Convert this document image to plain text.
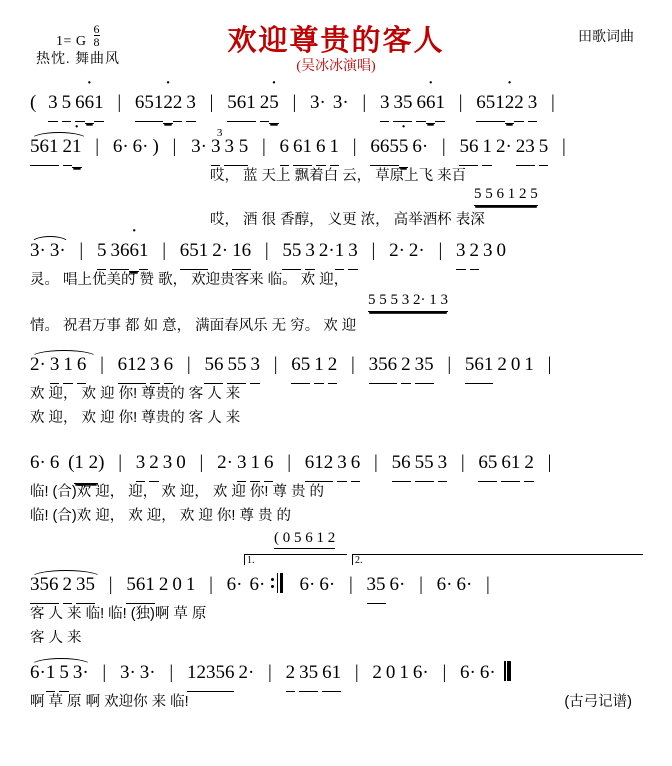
1= G $\frac{6}{8}$
热忱. 舞曲风
欢迎尊贵的客人
(吴冰冰演唱)
田歌词曲
( 3 5 66 ·1 | 6512 ·2 3 | 561 25 · | 3· 3· | 3 35 66 ·1 | 6512 ·2 3 |
561 21 · | 6· 6· ) | 3 3· 3 3 5 | 6 61 6 1 | 6655 · 6· | 56 1 2· 23 5 |
哎， 蓝 天上 飘着白 云， 草原上飞 来百
5 5 6 1 2 5
哎， 酒 很 香醇， 义更 浓， 高举酒杯 表深
3· 3· | 5 366 ·1 | 651 2· 16 | 55 3 2·1 3 | 2· 2· | 3 2 3 0
灵。 唱上优美的 赞 歌， 欢迎贵客来 临。 欢 迎，
5 5 5 3 2· 1 3
情。 祝君万事 都 如 意， 满面春风乐 无 穷。 欢 迎
2· 3 1 6 | 612 3 6 | 56 55 3 | 65 1 2 | 356 2 35 | 561 2 0 1 |
欢 迎， 欢 迎 你! 尊贵的 客 人 来
欢 迎， 欢 迎 你! 尊贵的 客 人 来
6· 6 (1 2) | 3 2 3 0 | 2· 3 1 6 | 612 3 6 | 56 55 3 | 65 61 2 |
临! (合)欢 迎， 迎， 欢 迎， 欢 迎 你! 尊 贵 的
临! (合)欢 迎， 欢 迎， 欢 迎 你! 尊 贵 的
( 0 5 6 1 2
1.	2.
356 2 35 | 561 2 0 1 | 6· 6· 6· 6· | 35 6· | 6· 6· |
客 人 来 临! 临! (独)啊 草 原
客 人 来
6·1 5 3· | 3· 3· | 12356 2· | 2 35 61 | 2 0 1 6· | 6· 6·
啊 草 原 啊 欢迎你 来 临!	(古弓记谱)
